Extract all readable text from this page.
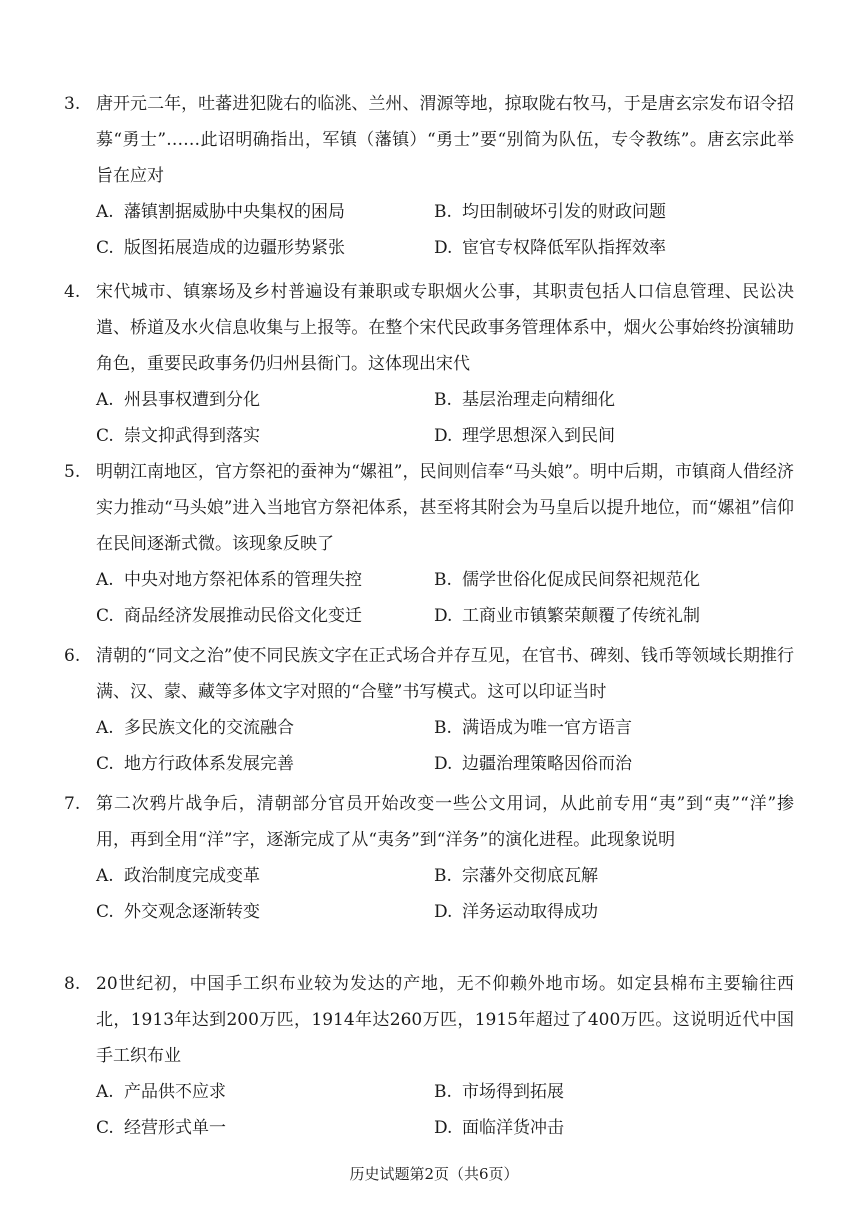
3. 唐开元二年，吐蕃进犯陇右的临洮、兰州、渭源等地，掠取陇右牧马，于是唐玄宗发布诏令招募“勇士”……此诏明确指出，军镇（藩镇）“勇士”要“别简为队伍，专令教练”。唐玄宗此举旨在应对

A. 藩镇割据威胁中央集权的困局	B. 均田制破坏引发的财政问题
C. 版图拓展造成的边疆形势紧张	D. 宦官专权降低军队指挥效率
4. 宋代城市、镇寨场及乡村普遍设有兼职或专职烟火公事，其职责包括人口信息管理、民讼决遣、桥道及水火信息收集与上报等。在整个宋代民政事务管理体系中，烟火公事始终扮演辅助角色，重要民政事务仍归州县衙门。这体现出宋代

A. 州县事权遭到分化	B. 基层治理走向精细化
C. 崇文抑武得到落实	D. 理学思想深入到民间
5. 明朝江南地区，官方祭祀的蚕神为“嫘祖”，民间则信奉“马头娘”。明中后期，市镇商人借经济实力推动“马头娘”进入当地官方祭祀体系，甚至将其附会为马皇后以提升地位，而“嫘祖”信仰在民间逐渐式微。该现象反映了

A. 中央对地方祭祀体系的管理失控	B. 儒学世俗化促成民间祭祀规范化
C. 商品经济发展推动民俗文化变迁	D. 工商业市镇繁荣颠覆了传统礼制
6. 清朝的“同文之治”使不同民族文字在正式场合并存互见，在官书、碑刻、钱币等领域长期推行满、汉、蒙、藏等多体文字对照的“合璧”书写模式。这可以印证当时

A. 多民族文化的交流融合	B. 满语成为唯一官方语言
C. 地方行政体系发展完善	D. 边疆治理策略因俗而治
7. 第二次鸦片战争后，清朝部分官员开始改变一些公文用词，从此前专用“夷”到“夷”“洋”掺用，再到全用“洋”字，逐渐完成了从“夷务”到“洋务”的演化进程。此现象说明

A. 政治制度完成变革	B. 宗藩外交彻底瓦解
C. 外交观念逐渐转变	D. 洋务运动取得成功
8. 20世纪初，中国手工织布业较为发达的产地，无不仰赖外地市场。如定县棉布主要输往西北，1913年达到200万匹，1914年达260万匹，1915年超过了400万匹。这说明近代中国手工织布业

A. 产品供不应求	B. 市场得到拓展
C. 经营形式单一	D. 面临洋货冲击
历史试题第2页（共6页）
